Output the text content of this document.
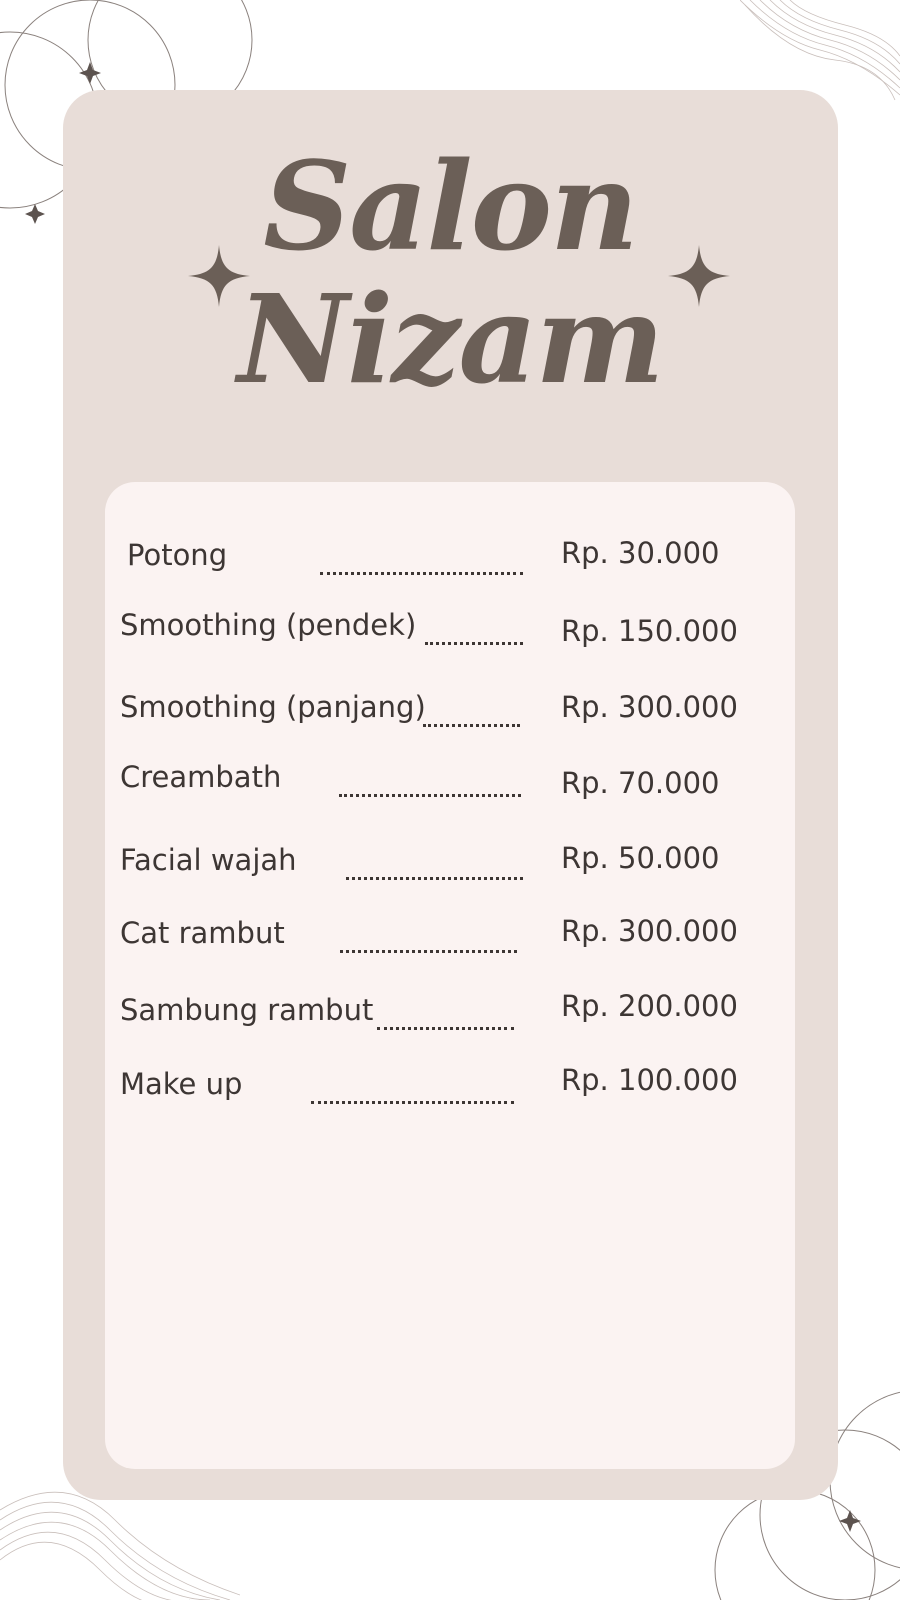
Salon
Nizam
Potong	Rp. 30.000
Smoothing (pendek)	Rp. 150.000
Smoothing (panjang)	Rp. 300.000
Creambath	Rp. 70.000
Facial wajah	Rp. 50.000
Cat rambut	Rp. 300.000
Sambung rambut	Rp. 200.000
Make up	Rp. 100.000
